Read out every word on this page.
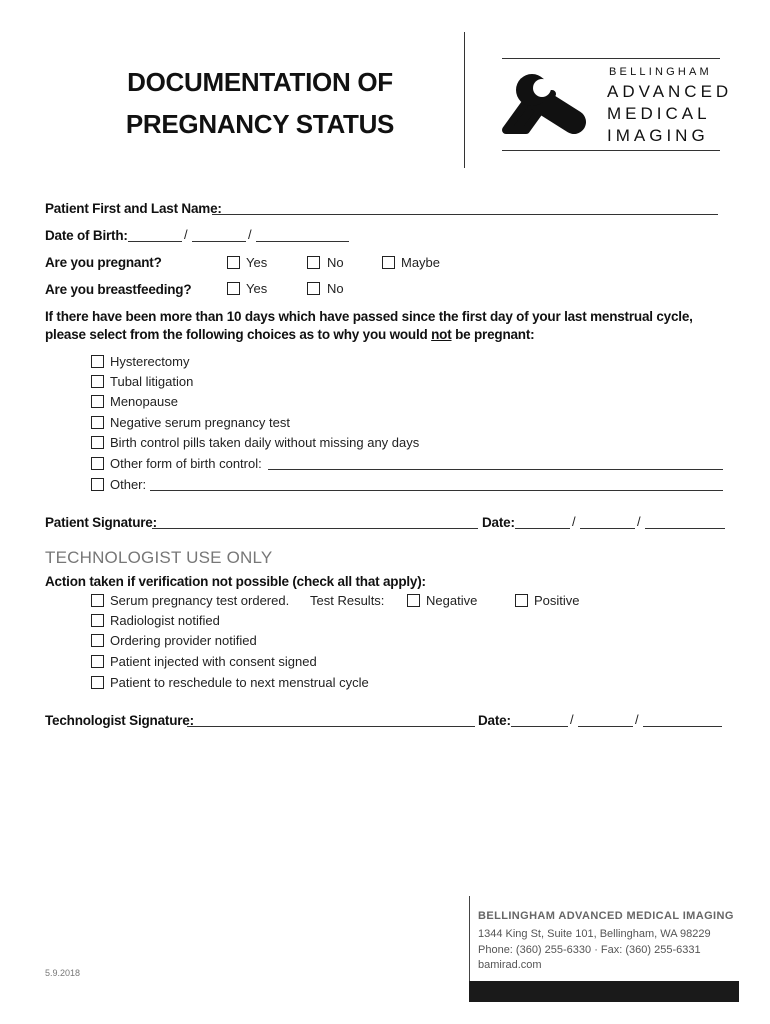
DOCUMENTATION OF
PREGNANCY STATUS
BELLINGHAM
ADVANCED
MEDICAL
IMAGING
Patient First and Last Name:
Date of Birth:	/	/
Are you pregnant?	Yes	No	Maybe
Are you breastfeeding?	Yes	No
If there have been more than 10 days which have passed since the first day of your last menstrual cycle, please select from the following choices as to why you would not be pregnant:
Hysterectomy
Tubal litigation
Menopause
Negative serum pregnancy test
Birth control pills taken daily without missing any days
Other form of birth control:
Other:
Patient Signature:	Date:	/	/
TECHNOLOGIST USE ONLY
Action taken if verification not possible (check all that apply):
Serum pregnancy test ordered. Test Results:	Negative	Positive
Radiologist notified
Ordering provider notified
Patient injected with consent signed
Patient to reschedule to next menstrual cycle
Technologist Signature:	Date:	/	/
BELLINGHAM ADVANCED MEDICAL IMAGING
1344 King St, Suite 101, Bellingham, WA 98229
Phone: (360) 255-6330 · Fax: (360) 255-6331
bamirad.com
5.9.2018
